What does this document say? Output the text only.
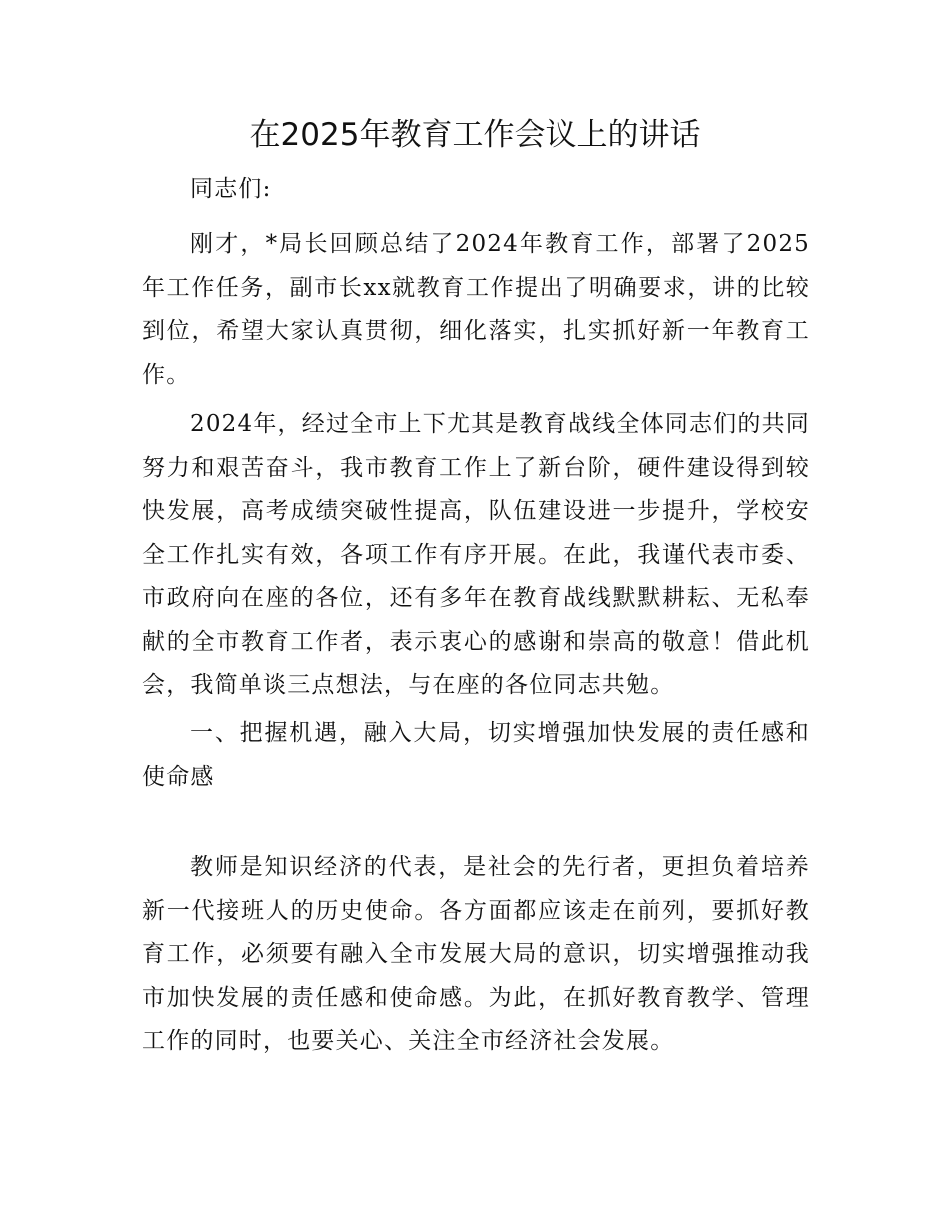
在2025年教育工作会议上的讲话

同志们:

刚才，*局长回顾总结了2024年教育工作，部署了2025年工作任务，副市长xx就教育工作提出了明确要求，讲的比较到位，希望大家认真贯彻，细化落实，扎实抓好新一年教育工作。

2024年，经过全市上下尤其是教育战线全体同志们的共同努力和艰苦奋斗，我市教育工作上了新台阶，硬件建设得到较快发展，高考成绩突破性提高，队伍建设进一步提升，学校安全工作扎实有效，各项工作有序开展。在此，我谨代表市委、市政府向在座的各位，还有多年在教育战线默默耕耘、无私奉献的全市教育工作者，表示衷心的感谢和崇高的敬意！借此机会，我简单谈三点想法，与在座的各位同志共勉。

一、把握机遇，融入大局，切实增强加快发展的责任感和使命感

教师是知识经济的代表，是社会的先行者，更担负着培养新一代接班人的历史使命。各方面都应该走在前列，要抓好教育工作，必须要有融入全市发展大局的意识，切实增强推动我市加快发展的责任感和使命感。为此，在抓好教育教学、管理工作的同时，也要关心、关注全市经济社会发展。
